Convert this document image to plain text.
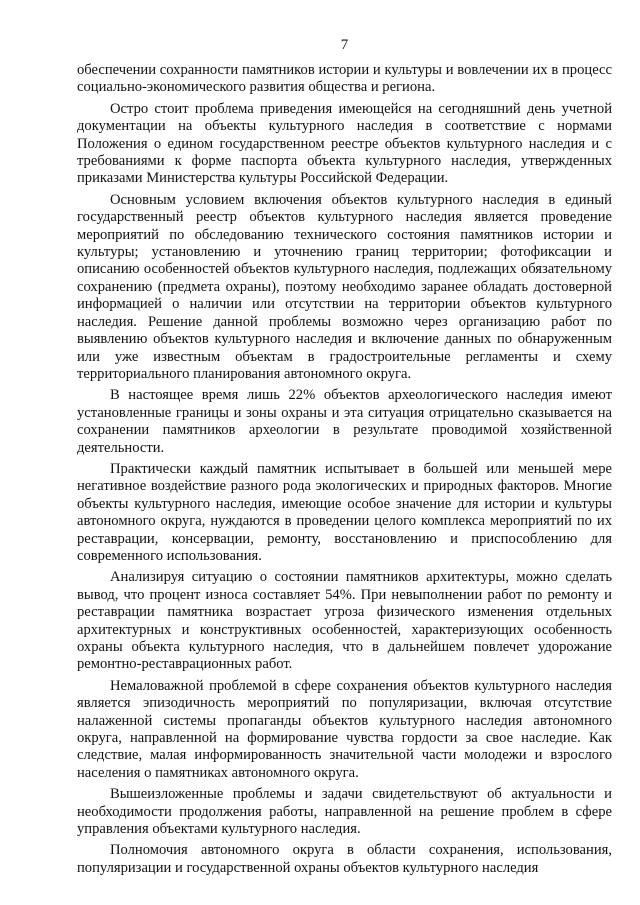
7

обеспечении сохранности памятников истории и культуры и вовлечении их в процесс социально-экономического развития общества и региона.

Остро стоит проблема приведения имеющейся на сегодняшний день учетной документации на объекты культурного наследия в соответствие с нормами Положения о едином государственном реестре объектов культурного наследия и с требованиями к форме паспорта объекта культурного наследия, утвержденных приказами Министерства культуры Российской Федерации.

Основным условием включения объектов культурного наследия в единый государственный реестр объектов культурного наследия является проведение мероприятий по обследованию технического состояния памятников истории и культуры; установлению и уточнению границ территории; фотофиксации и описанию особенностей объектов культурного наследия, подлежащих обязательному сохранению (предмета охраны), поэтому необходимо заранее обладать достоверной информацией о наличии или отсутствии на территории объектов культурного наследия. Решение данной проблемы возможно через организацию работ по выявлению объектов культурного наследия и включение данных по обнаруженным или уже известным объектам в градостроительные регламенты и схему территориального планирования автономного округа.

В настоящее время лишь 22% объектов археологического наследия имеют установленные границы и зоны охраны и эта ситуация отрицательно сказывается на сохранении памятников археологии в результате проводимой хозяйственной деятельности.

Практически каждый памятник испытывает в большей или меньшей мере негативное воздействие разного рода экологических и природных факторов. Многие объекты культурного наследия, имеющие особое значение для истории и культуры автономного округа, нуждаются в проведении целого комплекса мероприятий по их реставрации, консервации, ремонту, восстановлению и приспособлению для современного использования.

Анализируя ситуацию о состоянии памятников архитектуры, можно сделать вывод, что процент износа составляет 54%. При невыполнении работ по ремонту и реставрации памятника возрастает угроза физического изменения отдельных архитектурных и конструктивных особенностей, характеризующих особенность охраны объекта культурного наследия, что в дальнейшем повлечет удорожание ремонтно-реставрационных работ.

Немаловажной проблемой в сфере сохранения объектов культурного наследия является эпизодичность мероприятий по популяризации, включая отсутствие налаженной системы пропаганды объектов культурного наследия автономного округа, направленной на формирование чувства гордости за свое наследие. Как следствие, малая информированность значительной части молодежи и взрослого населения о памятниках автономного округа.

Вышеизложенные проблемы и задачи свидетельствуют об актуальности и необходимости продолжения работы, направленной на решение проблем в сфере управления объектами культурного наследия.

Полномочия автономного округа в области сохранения, использования, популяризации и государственной охраны объектов культурного наследия
